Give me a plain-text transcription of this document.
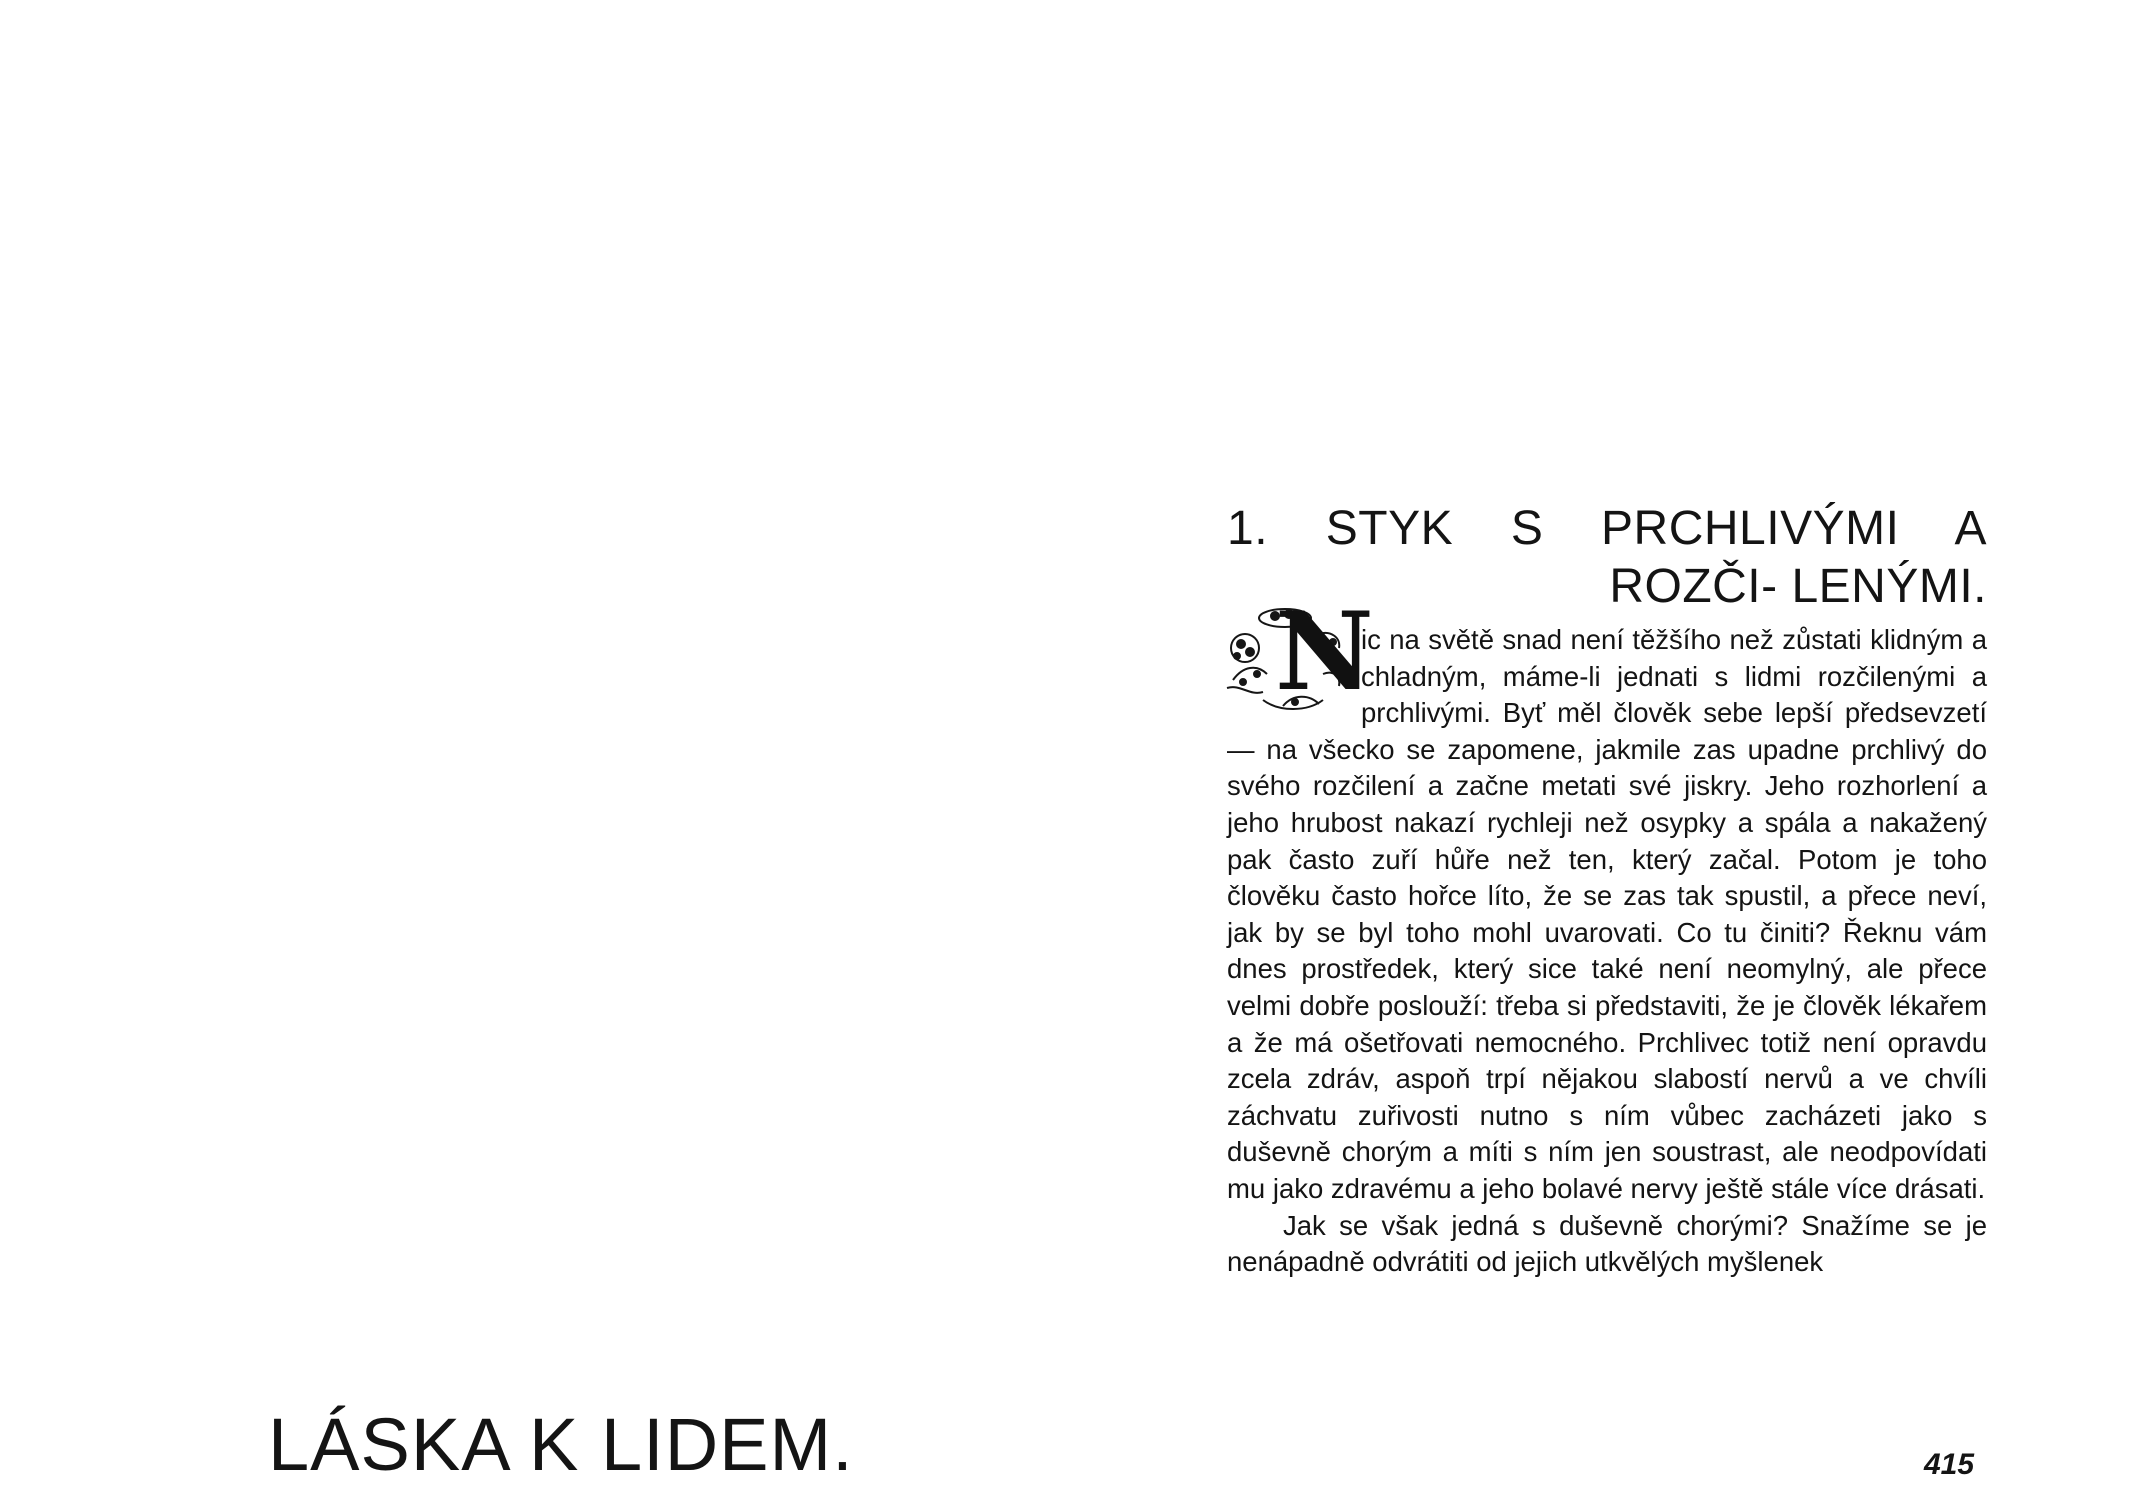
LÁSKA K LIDEM.
1. STYK S PRCHLIVÝMI A ROZČI- LENÝMI.

N
ic na světě snad není těžšího než zůstati klidným a chladným, máme-li jednati s lidmi rozčilenými a prchlivými. Byť měl člověk sebe lepší předsevzetí — na všecko se zapomene, jakmile zas upadne prchlivý do svého rozčilení a začne metati své jiskry. Jeho rozhorlení a jeho hrubost nakazí rychleji než osypky a spála a nakažený pak často zuří hůře než ten, který začal. Potom je toho člověku často hořce líto, že se zas tak spustil, a přece neví, jak by se byl toho mohl uvarovati. Co tu činiti? Řeknu vám dnes prostředek, který sice také není neomylný, ale přece velmi dobře poslouží: třeba si představiti, že je člověk lékařem a že má ošetřovati nemocného. Prchlivec totiž není opravdu zcela zdráv, aspoň trpí nějakou slabostí nervů a ve chvíli záchvatu zuřivosti nutno s ním vůbec zacházeti jako s duševně chorým a míti s ním jen soustrast, ale neodpovídati mu jako zdravému a jeho bolavé nervy ještě stále více drásati.

Jak se však jedná s duševně chorými? Snažíme se je nenápadně odvrátiti od jejich utkvělých myšlenek

415
